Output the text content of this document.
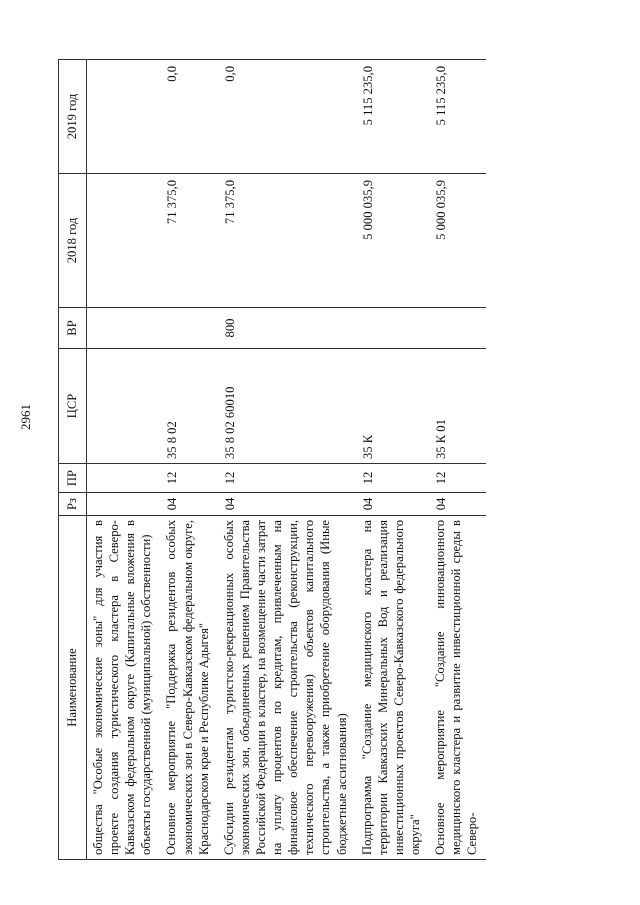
2961
Наименование	Рз	ПР	ЦСР	ВР	2018 год	2019 год
общества "Особые экономические зоны" для участия в проекте создания туристического кластера в Северо-Кавказском федеральном округе (Капитальные вложения в объекты государственной (муниципальной) собственности)						
Основное мероприятие "Поддержка резидентов особых экономических зон в Северо-Кавказском федеральном округе, Краснодарском крае и Республике Адыгея"	04	12	35 8 02		71 375,0	0,0
Субсидии резидентам туристско-рекреационных особых экономических зон, объединенных решением Правительства Российской Федерации в кластер, на возмещение части затрат на уплату процентов по кредитам, привлеченным на финансовое обеспечение строительства (реконструкции, технического перевооружения) объектов капитального строительства, а также приобретение оборудования (Иные бюджетные ассигнования)	04	12	35 8 02 60010	800	71 375,0	0,0
Подпрограмма "Создание медицинского кластера на территории Кавказских Минеральных Вод и реализация инвестиционных проектов Северо-Кавказского федерального округа"	04	12	35 К		5 000 035,9	5 115 235,0
Основное мероприятие "Создание инновационного медицинского кластера и развитие инвестиционной среды в Северо-	04	12	35 К 01		5 000 035,9	5 115 235,0
